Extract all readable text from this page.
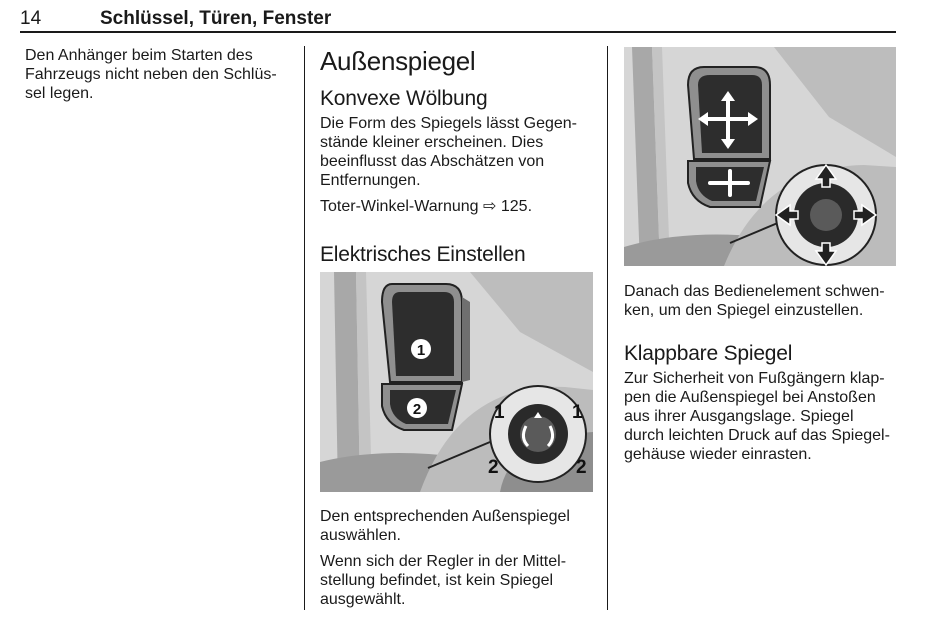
14	Schlüssel, Türen, Fenster

Den Anhänger beim Starten des
Fahrzeugs nicht neben den Schlüs-
sel legen.

Außenspiegel
Konvexe Wölbung

Die Form des Spiegels lässt Gegen-
stände kleiner erscheinen. Dies
beeinflusst das Abschätzen von
Entfernungen.

Toter-Winkel-Warnung ⇨ 125.

Elektrisches Einstellen
1
2	1	1
2	2

Den entsprechenden Außenspiegel
auswählen.

Wenn sich der Regler in der Mittel-
stellung befindet, ist kein Spiegel
ausgewählt.

Danach das Bedienelement schwen-
ken, um den Spiegel einzustellen.

Klappbare Spiegel

Zur Sicherheit von Fußgängern klap-
pen die Außenspiegel bei Anstoßen
aus ihrer Ausgangslage. Spiegel
durch leichten Druck auf das Spiegel-
gehäuse wieder einrasten.
